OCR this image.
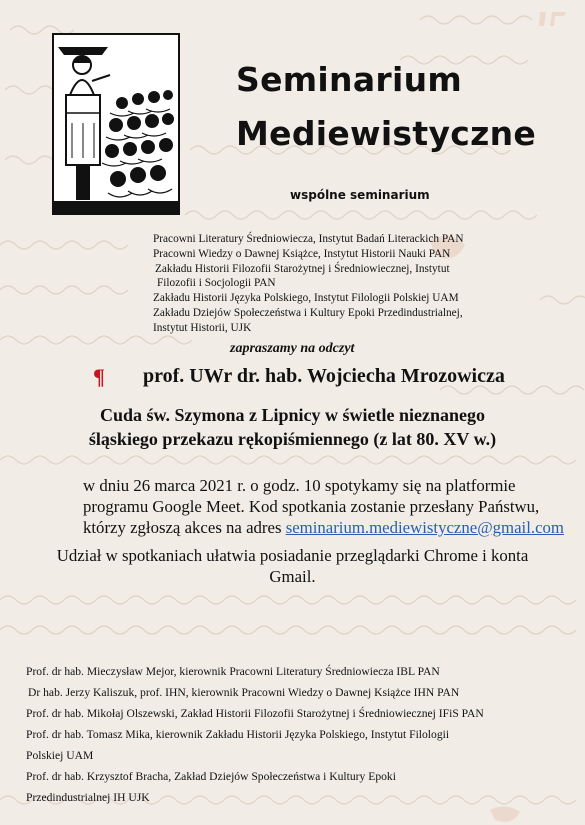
Seminarium
Mediewistyczne
wspólne seminarium
Pracowni Literatury Średniowiecza, Instytut Badań Literackich PAN
Pracowni Wiedzy o Dawnej Książce, Instytut Historii Nauki PAN
Zakładu Historii Filozofii Starożytnej i Średniowiecznej, Instytut
Filozofii i Socjologii PAN
Zakładu Historii Języka Polskiego, Instytut Filologii Polskiej UAM
Zakładu Dziejów Społeczeństwa i Kultury Epoki Przedindustrialnej,
Instytut Historii, UJK
zapraszamy na odczyt
¶ prof. UWr dr. hab. Wojciecha Mrozowicza
Cuda św. Szymona z Lipnicy w świetle nieznanego
śląskiego przekazu rękopiśmiennego (z lat 80. XV w.)
w dniu 26 marca 2021 r. o godz. 10 spotykamy się na platformie
programu Google Meet. Kod spotkania zostanie przesłany Państwu,
którzy zgłoszą akces na adres seminarium.mediewistyczne@gmail.com
Udział w spotkaniach ułatwia posiadanie przeglądarki Chrome i konta
Gmail.
Prof. dr hab. Mieczysław Mejor, kierownik Pracowni Literatury Średniowiecza IBL PAN
Dr hab. Jerzy Kaliszuk, prof. IHN, kierownik Pracowni Wiedzy o Dawnej Książce IHN PAN
Prof. dr hab. Mikołaj Olszewski, Zakład Historii Filozofii Starożytnej i Średniowiecznej IFiS PAN
Prof. dr hab. Tomasz Mika, kierownik Zakładu Historii Języka Polskiego, Instytut Filologii
Polskiej UAM
Prof. dr hab. Krzysztof Bracha, Zakład Dziejów Społeczeństwa i Kultury Epoki
Przedindustrialnej IH UJK
